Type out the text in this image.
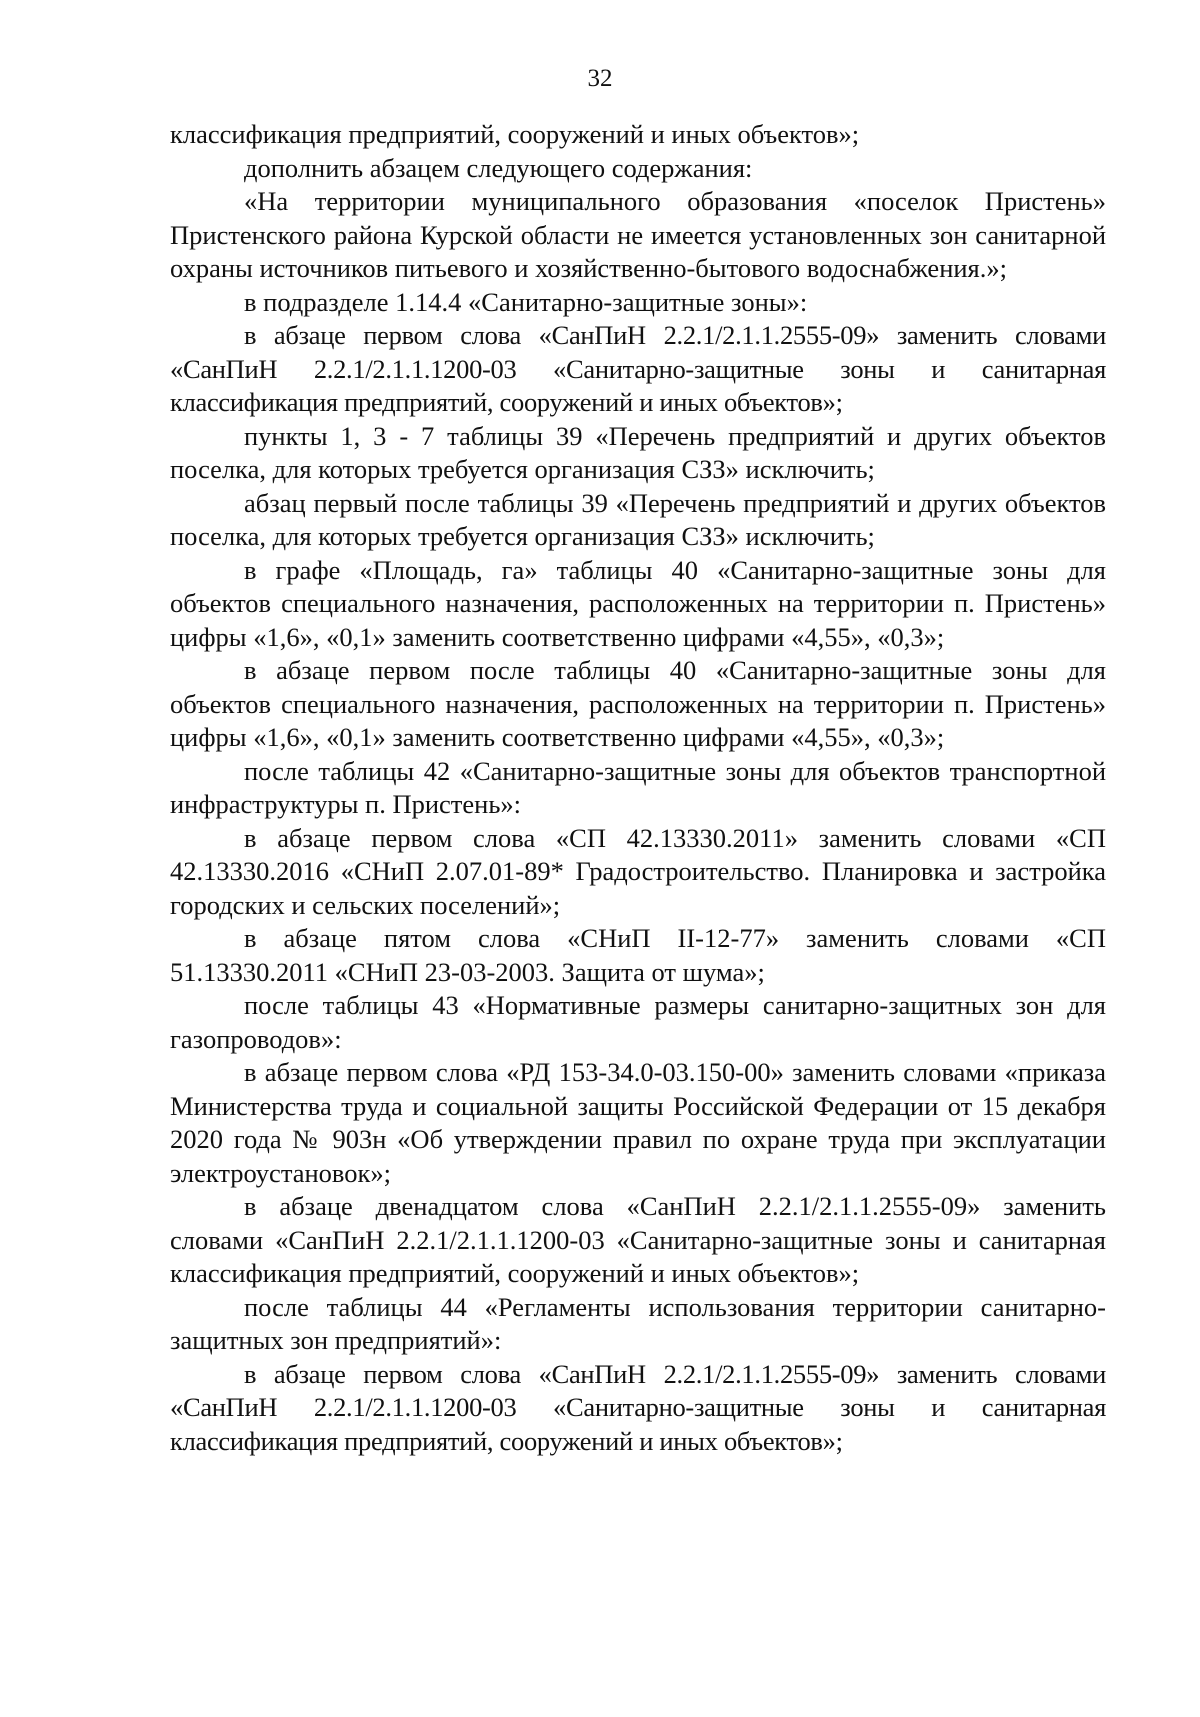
32

классификация предприятий, сооружений и иных объектов»;

дополнить абзацем следующего содержания:

«На территории муниципального образования «поселок Пристень» Пристенского района Курской области не имеется установленных зон санитарной охраны источников питьевого и хозяйственно-бытового водоснабжения.»;

в подразделе 1.14.4 «Санитарно-защитные зоны»:

в абзаце первом слова «СанПиН 2.2.1/2.1.1.2555-09» заменить словами «СанПиН 2.2.1/2.1.1.1200-03 «Санитарно-защитные зоны и санитарная классификация предприятий, сооружений и иных объектов»;

пункты 1, 3 - 7 таблицы 39 «Перечень предприятий и других объектов поселка, для которых требуется организация СЗЗ» исключить;

абзац первый после таблицы 39 «Перечень предприятий и других объектов поселка, для которых требуется организация СЗЗ» исключить;

в графе «Площадь, га» таблицы 40 «Санитарно-защитные зоны для объектов специального назначения, расположенных на территории п. Пристень» цифры «1,6», «0,1» заменить соответственно цифрами «4,55», «0,3»;

в абзаце первом после таблицы 40 «Санитарно-защитные зоны для объектов специального назначения, расположенных на территории п. Пристень» цифры «1,6», «0,1» заменить соответственно цифрами «4,55», «0,3»;

после таблицы 42 «Санитарно-защитные зоны для объектов транспортной инфраструктуры п. Пристень»:

в абзаце первом слова «СП 42.13330.2011» заменить словами «СП 42.13330.2016 «СНиП 2.07.01-89* Градостроительство. Планировка и застройка городских и сельских поселений»;

в абзаце пятом слова «СНиП II-12-77» заменить словами «СП 51.13330.2011 «СНиП 23-03-2003. Защита от шума»;

после таблицы 43 «Нормативные размеры санитарно-защитных зон для газопроводов»:

в абзаце первом слова «РД 153-34.0-03.150-00» заменить словами «приказа Министерства труда и социальной защиты Российской Федерации от 15 декабря 2020 года № 903н «Об утверждении правил по охране труда при эксплуатации электроустановок»;

в абзаце двенадцатом слова «СанПиН 2.2.1/2.1.1.2555-09» заменить словами «СанПиН 2.2.1/2.1.1.1200-03 «Санитарно-защитные зоны и санитарная классификация предприятий, сооружений и иных объектов»;

после таблицы 44 «Регламенты использования территории санитарно-защитных зон предприятий»:

в абзаце первом слова «СанПиН 2.2.1/2.1.1.2555-09» заменить словами «СанПиН 2.2.1/2.1.1.1200-03 «Санитарно-защитные зоны и санитарная классификация предприятий, сооружений и иных объектов»;
